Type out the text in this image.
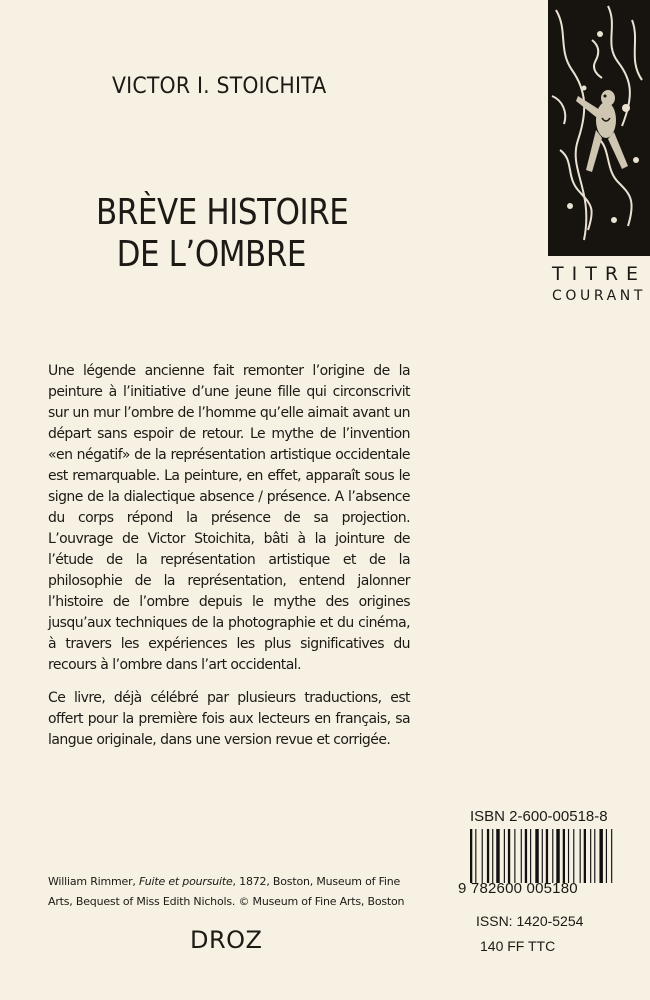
VICTOR I. STOICHITA
BRÈVE HISTOIRE
DE L’OMBRE	TITRE
COURANT

Une légende ancienne fait remonter l’origine de la peinture à l’initiative d’une jeune fille qui circonscrivit sur un mur l’ombre de l’homme qu’elle aimait avant un départ sans espoir de retour. Le mythe de l’invention «en négatif» de la représentation artistique occidentale est remarquable. La peinture, en effet, apparaît sous le signe de la dialectique absence / présence. A l’absence du corps répond la présence de sa projection. L’ouvrage de Victor Stoichita, bâti à la jointure de l’étude de la représentation artistique et de la philosophie de la représentation, entend jalonner l’histoire de l’ombre depuis le mythe des origines jusqu’aux techniques de la photographie et du cinéma, à travers les expériences les plus significatives du recours à l’ombre dans l’art occidental.

Ce livre, déjà célébré par plusieurs traductions, est offert pour la première fois aux lecteurs en français, sa langue originale, dans une version revue et corrigée.

William Rimmer, Fuite et poursuite, 1872, Boston, Museum of Fine
Arts, Bequest of Miss Edith Nichols. © Museum of Fine Arts, Boston
DROZ
ISBN 2-600-00518-8
9 782600 005180
ISSN: 1420-5254
140 FF TTC
